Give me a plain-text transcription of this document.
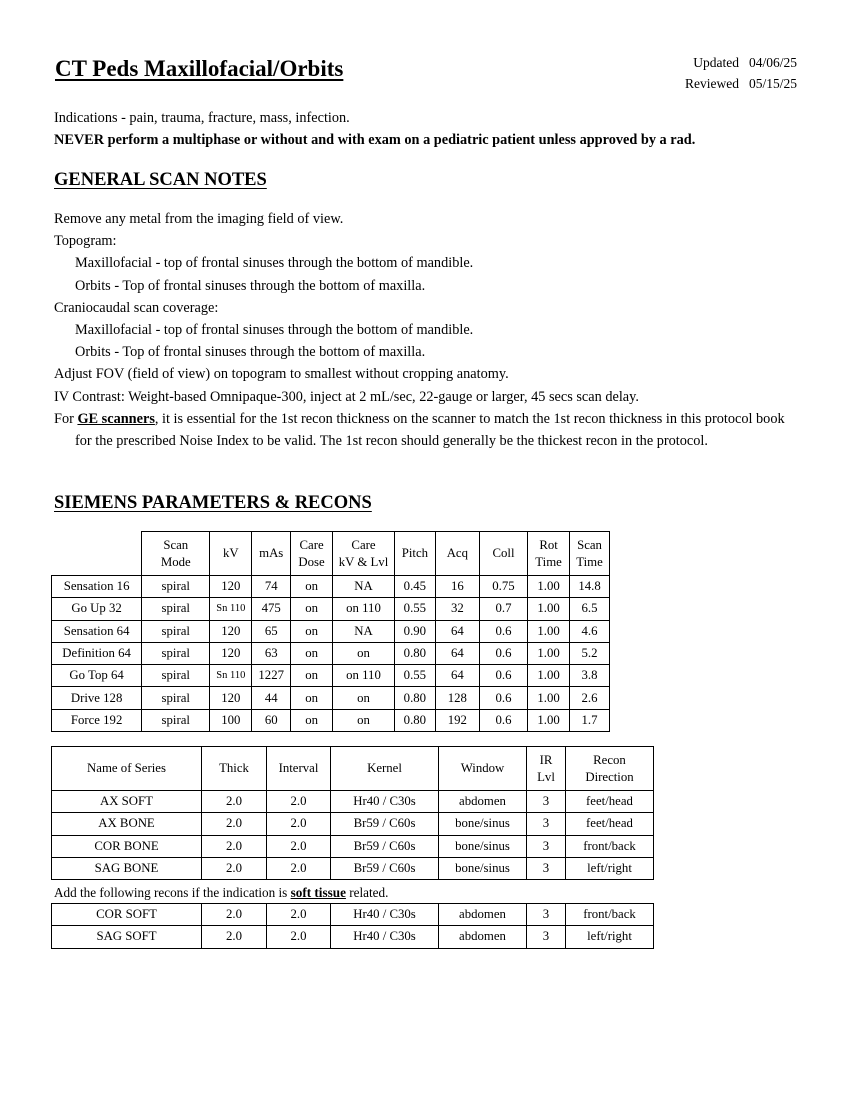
CT Peds Maxillofacial/Orbits	Updated 04/06/25
Reviewed 05/15/25
Indications - pain, trauma, fracture, mass, infection.
NEVER perform a multiphase or without and with exam on a pediatric patient unless approved by a rad.
GENERAL SCAN NOTES
Remove any metal from the imaging field of view.
Topogram:
Maxillofacial - top of frontal sinuses through the bottom of mandible.
Orbits - Top of frontal sinuses through the bottom of maxilla.
Craniocaudal scan coverage:
Maxillofacial - top of frontal sinuses through the bottom of mandible.
Orbits - Top of frontal sinuses through the bottom of maxilla.
Adjust FOV (field of view) on topogram to smallest without cropping anatomy.
IV Contrast: Weight-based Omnipaque-300, inject at 2 mL/sec, 22-gauge or larger, 45 secs scan delay.
For GE scanners, it is essential for the 1st recon thickness on the scanner to match the 1st recon thickness in this protocol book for the prescribed Noise Index to be valid. The 1st recon should generally be the thickest recon in the protocol.
SIEMENS PARAMETERS & RECONS
	Scan
Mode	kV	mAs	Care
Dose	Care
kV & Lvl	Pitch	Acq	Coll	Rot
Time	Scan
Time
Sensation 16	spiral	120	74	on	NA	0.45	16	0.75	1.00	14.8
Go Up 32	spiral	Sn 110	475	on	on 110	0.55	32	0.7	1.00	6.5
Sensation 64	spiral	120	65	on	NA	0.90	64	0.6	1.00	4.6
Definition 64	spiral	120	63	on	on	0.80	64	0.6	1.00	5.2
Go Top 64	spiral	Sn 110	1227	on	on 110	0.55	64	0.6	1.00	3.8
Drive 128	spiral	120	44	on	on	0.80	128	0.6	1.00	2.6
Force 192	spiral	100	60	on	on	0.80	192	0.6	1.00	1.7
Name of Series	Thick	Interval	Kernel	Window	IR
Lvl	Recon
Direction
AX SOFT	2.0	2.0	Hr40 / C30s	abdomen	3	feet/head
AX BONE	2.0	2.0	Br59 / C60s	bone/sinus	3	feet/head
COR BONE	2.0	2.0	Br59 / C60s	bone/sinus	3	front/back
SAG BONE	2.0	2.0	Br59 / C60s	bone/sinus	3	left/right
Add the following recons if the indication is soft tissue related.
COR SOFT	2.0	2.0	Hr40 / C30s	abdomen	3	front/back
SAG SOFT	2.0	2.0	Hr40 / C30s	abdomen	3	left/right
